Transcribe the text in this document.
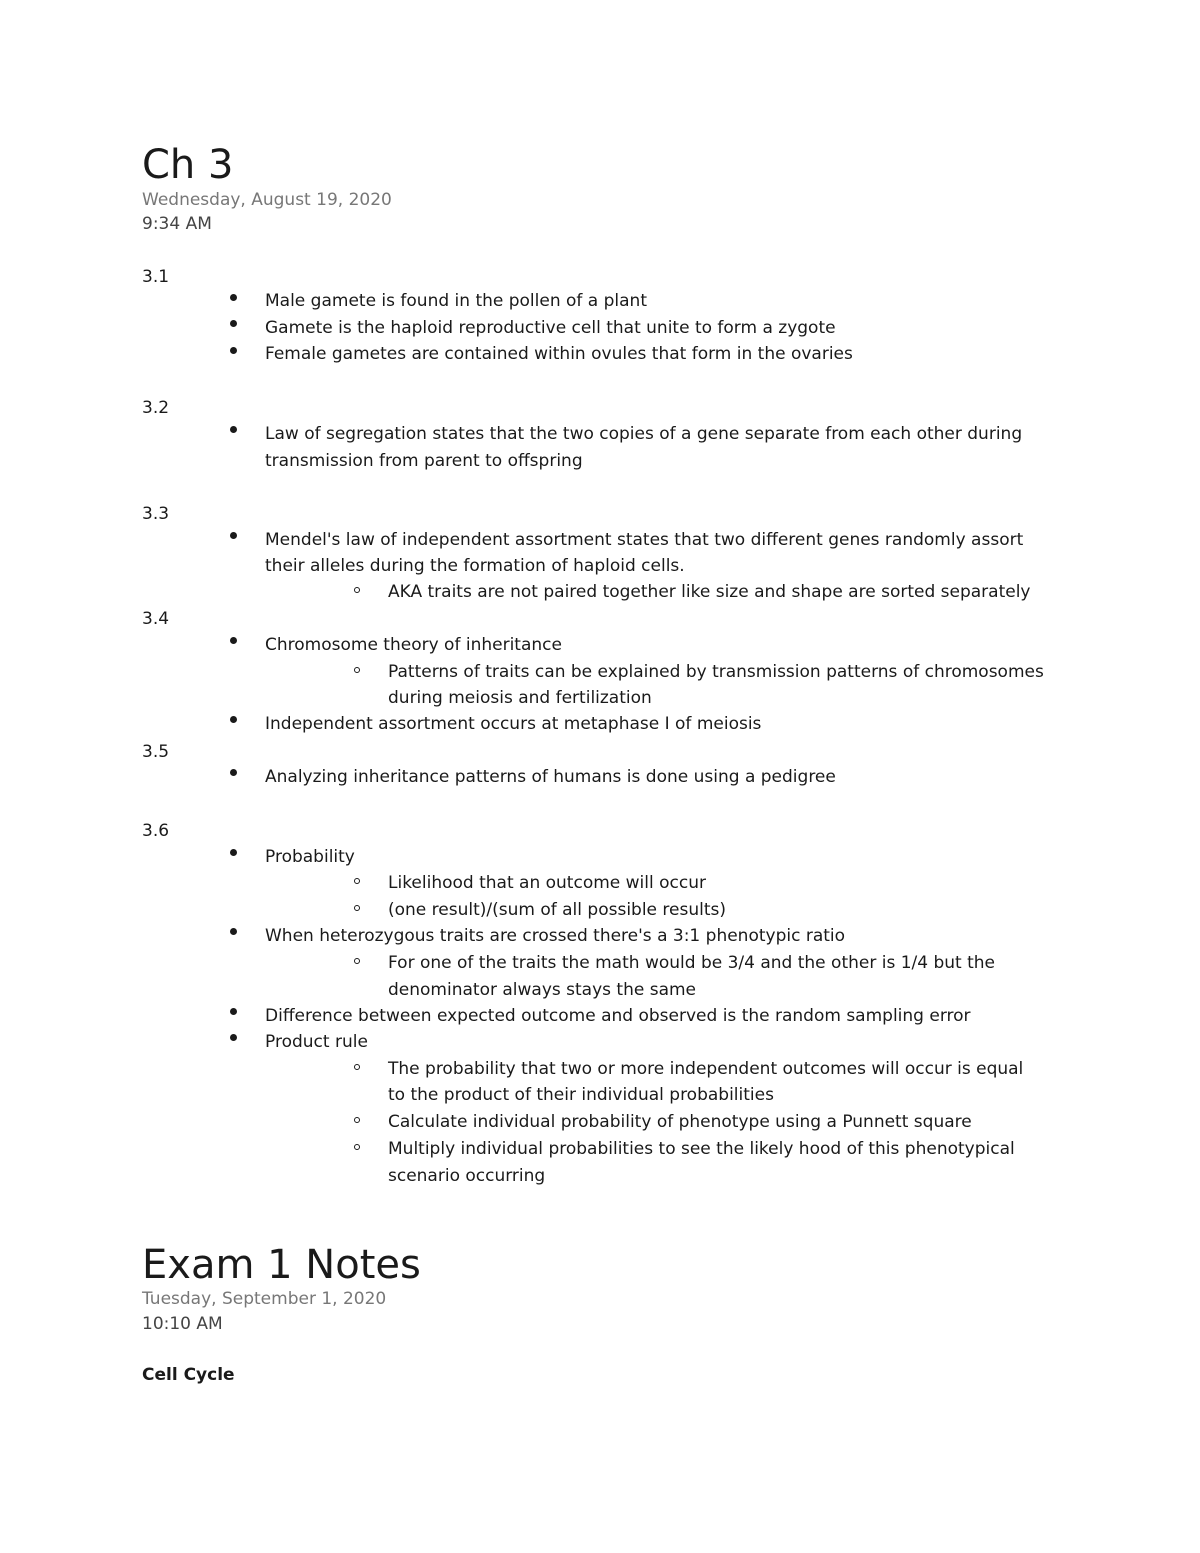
Ch 3
Wednesday, August 19, 2020
9:34 AM
3.1
Male gamete is found in the pollen of a plant
Gamete is the haploid reproductive cell that unite to form a zygote
Female gametes are contained within ovules that form in the ovaries
3.2
Law of segregation states that the two copies of a gene separate from each other during
transmission from parent to offspring
3.3
Mendel's law of independent assortment states that two different genes randomly assort
their alleles during the formation of haploid cells.
AKA traits are not paired together like size and shape are sorted separately
3.4
Chromosome theory of inheritance
Patterns of traits can be explained by transmission patterns of chromosomes
during meiosis and fertilization
Independent assortment occurs at metaphase I of meiosis
3.5
Analyzing inheritance patterns of humans is done using a pedigree
3.6
Probability
Likelihood that an outcome will occur
(one result)/(sum of all possible results)
When heterozygous traits are crossed there's a 3:1 phenotypic ratio
For one of the traits the math would be 3/4 and the other is 1/4 but the
denominator always stays the same
Difference between expected outcome and observed is the random sampling error
Product rule
The probability that two or more independent outcomes will occur is equal
to the product of their individual probabilities
Calculate individual probability of phenotype using a Punnett square
Multiply individual probabilities to see the likely hood of this phenotypical
scenario occurring
Exam 1 Notes
Tuesday, September 1, 2020
10:10 AM
Cell Cycle
